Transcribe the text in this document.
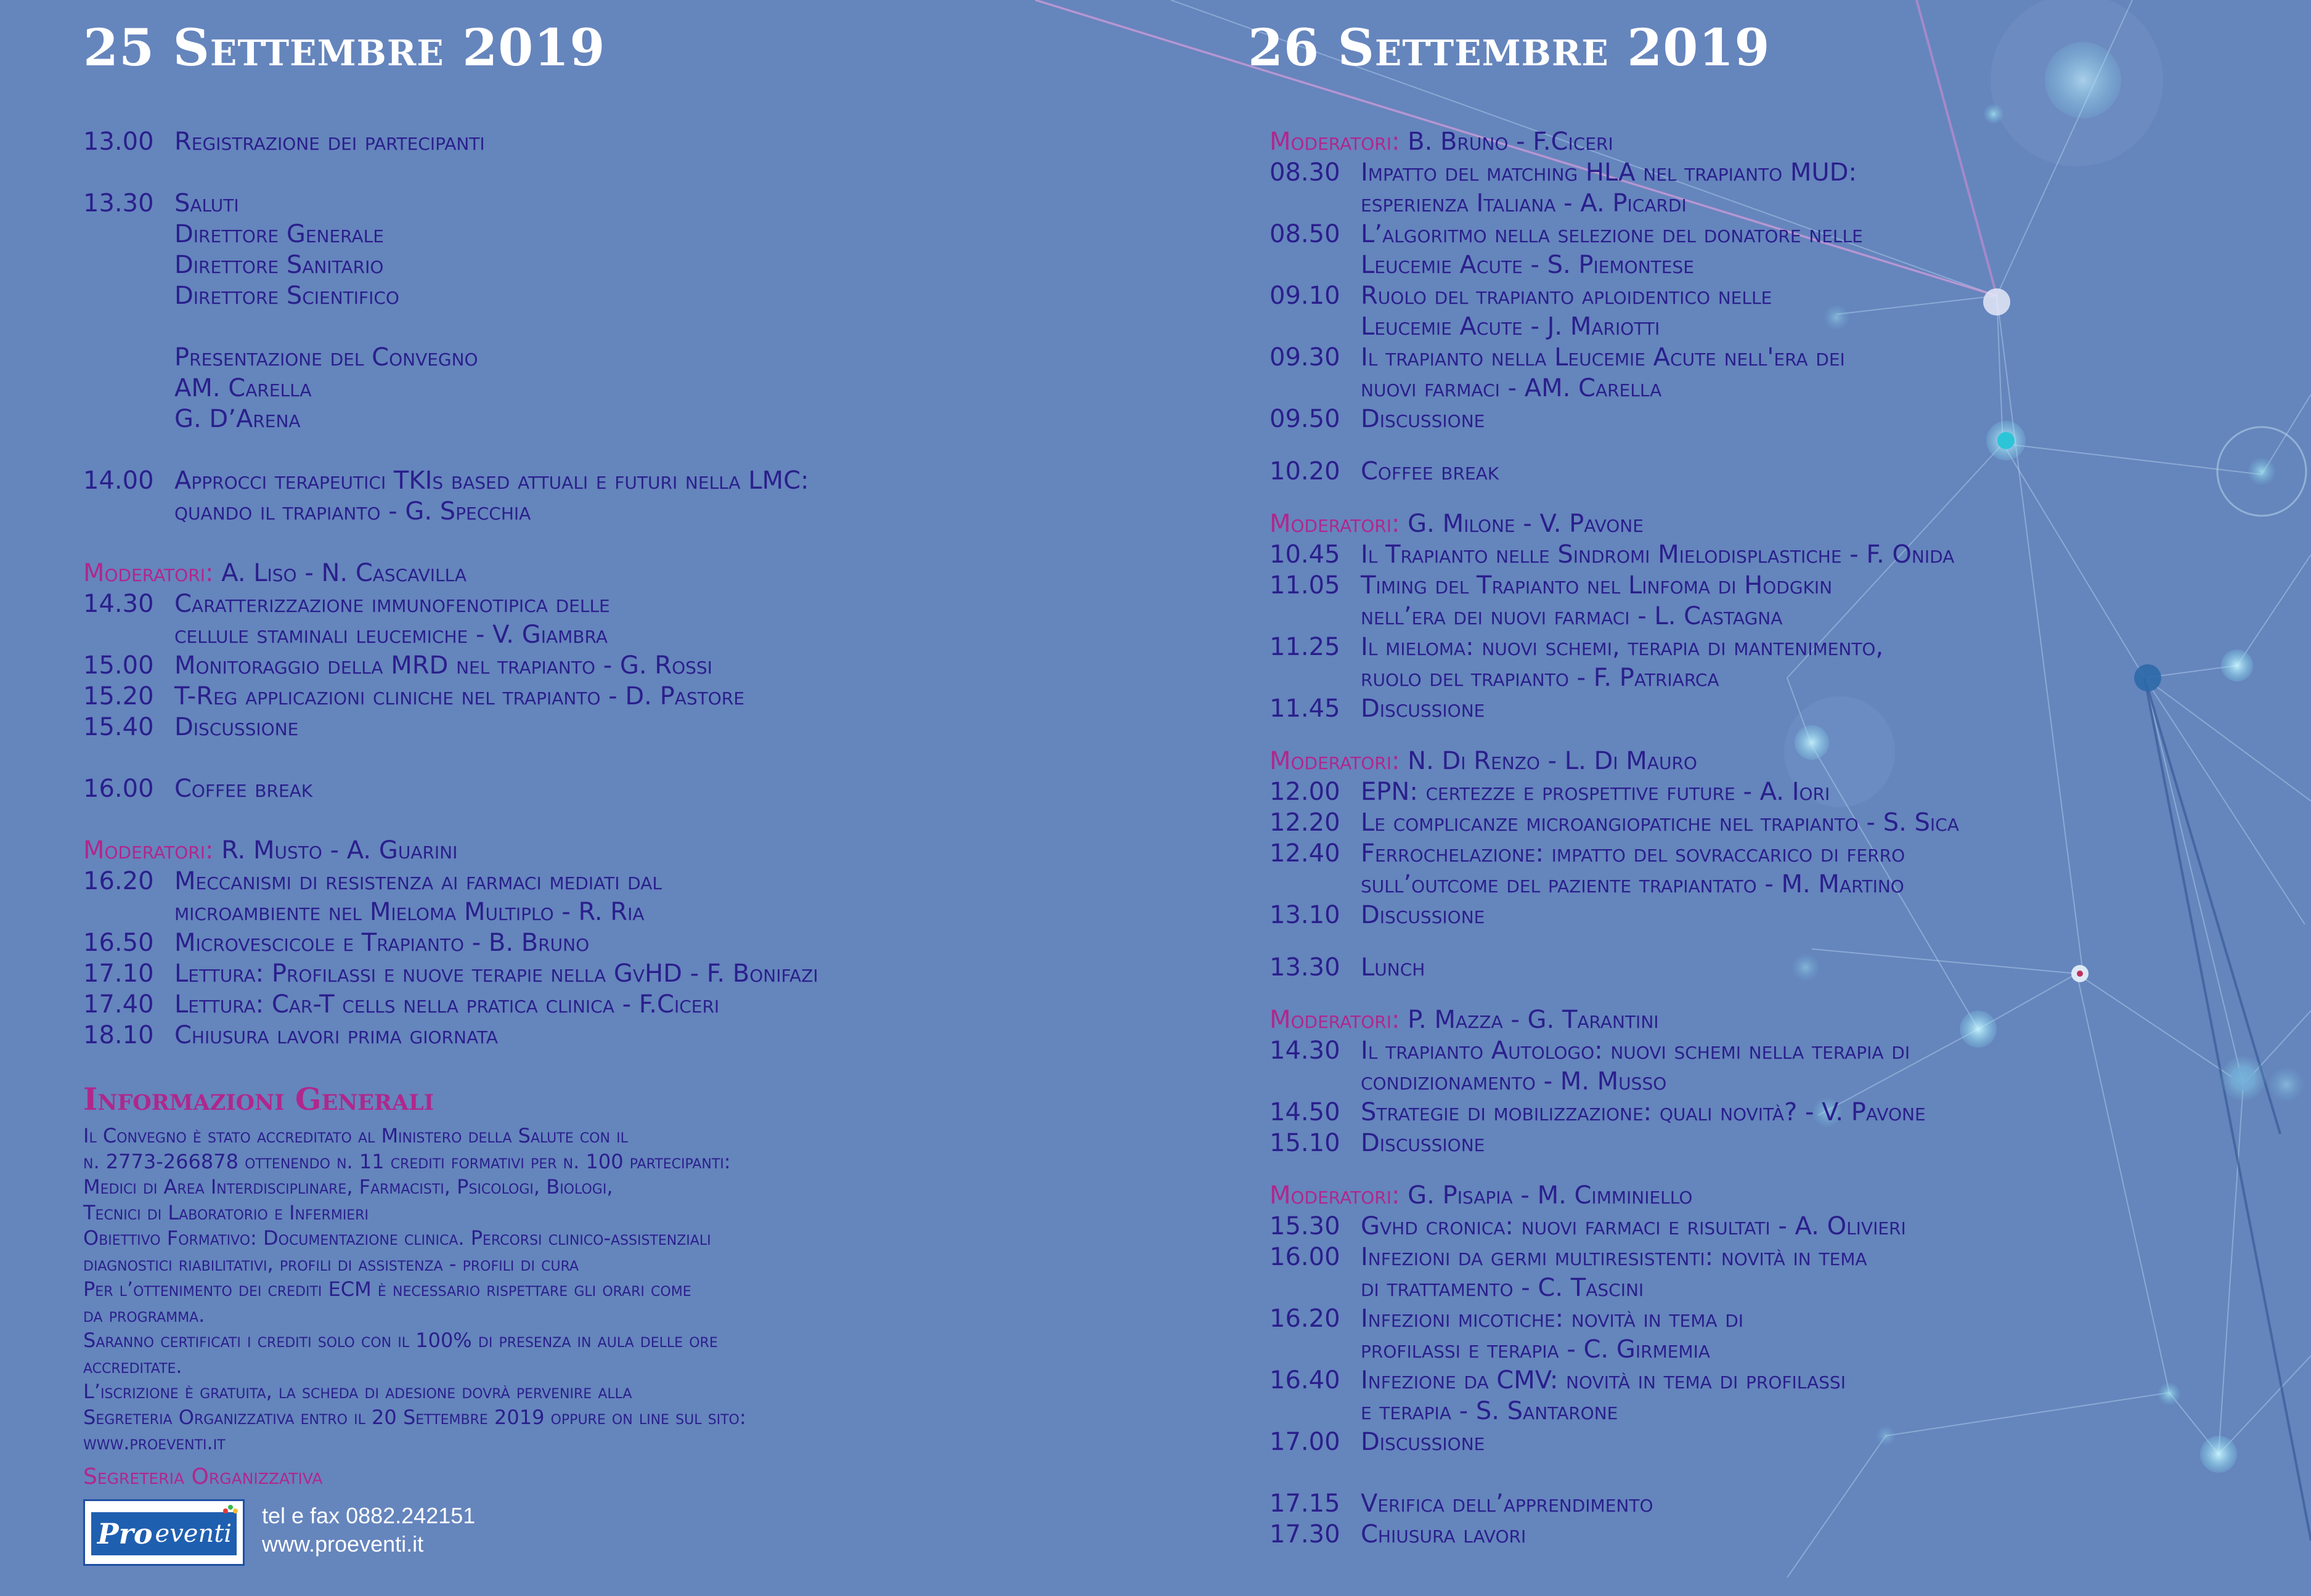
25 Settembre 2019
13.00 Registrazione dei partecipanti
13.30 Saluti
Direttore Generale
Direttore Sanitario
Direttore Scientifico
Presentazione del Convegno
AM. Carella
G. D’Arena
14.00 Approcci terapeutici TKIs based attuali e futuri nella LMC:
quando il trapianto - G. Specchia
Moderatori: A. Liso - N. Cascavilla
14.30 Caratterizzazione immunofenotipica delle
cellule staminali leucemiche - V. Giambra
15.00 Monitoraggio della MRD nel trapianto - G. Rossi
15.20 T-Reg applicazioni cliniche nel trapianto - D. Pastore
15.40 Discussione
16.00 Coffee break
Moderatori: R. Musto - A. Guarini
16.20 Meccanismi di resistenza ai farmaci mediati dal
microambiente nel Mieloma Multiplo - R. Ria
16.50 Microvescicole e Trapianto - B. Bruno
17.10 Lettura: Profilassi e nuove terapie nella GvHD - F. Bonifazi
17.40 Lettura: Car-T cells nella pratica clinica - F.Ciceri
18.10 Chiusura lavori prima giornata
Informazioni Generali
Il Convegno è stato accreditato al Ministero della Salute con il
n. 2773-266878 ottenendo n. 11 crediti formativi per n. 100 partecipanti:
Medici di Area Interdisciplinare, Farmacisti, Psicologi, Biologi,
Tecnici di Laboratorio e Infermieri
Obiettivo Formativo: Documentazione clinica. Percorsi clinico-assistenziali
diagnostici riabilitativi, profili di assistenza - profili di cura
Per l’ottenimento dei crediti ECM è necessario rispettare gli orari come
da programma.
Saranno certificati i crediti solo con il 100% di presenza in aula delle ore
accreditate.
L’iscrizione è gratuita, la scheda di adesione dovrà pervenire alla
Segreteria Organizzativa entro il 20 Settembre 2019 oppure on line sul sito:
www.proeventi.it
Segreteria Organizzativa
Pro eventi
tel e fax 0882.242151
www.proeventi.it
26 Settembre 2019
Moderatori: B. Bruno - F.Ciceri
08.30 Impatto del matching HLA nel trapianto MUD:
esperienza Italiana - A. Picardi
08.50 L’algoritmo nella selezione del donatore nelle
Leucemie Acute - S. Piemontese
09.10 Ruolo del trapianto aploidentico nelle
Leucemie Acute - J. Mariotti
09.30 Il trapianto nella Leucemie Acute nell'era dei
nuovi farmaci - AM. Carella
09.50 Discussione
10.20 Coffee break
Moderatori: G. Milone - V. Pavone
10.45 Il Trapianto nelle Sindromi Mielodisplastiche - F. Onida
11.05 Timing del Trapianto nel Linfoma di Hodgkin
nell’era dei nuovi farmaci - L. Castagna
11.25 Il mieloma: nuovi schemi, terapia di mantenimento,
ruolo del trapianto - F. Patriarca
11.45 Discussione
Moderatori: N. Di Renzo - L. Di Mauro
12.00 EPN: certezze e prospettive future - A. Iori
12.20 Le complicanze microangiopatiche nel trapianto - S. Sica
12.40 Ferrochelazione: impatto del sovraccarico di ferro
sull’outcome del paziente trapiantato - M. Martino
13.10 Discussione
13.30 Lunch
Moderatori: P. Mazza - G. Tarantini
14.30 Il trapianto Autologo: nuovi schemi nella terapia di
condizionamento - M. Musso
14.50 Strategie di mobilizzazione: quali novità? - V. Pavone
15.10 Discussione
Moderatori: G. Pisapia - M. Cimminiello
15.30 Gvhd cronica: nuovi farmaci e risultati - A. Olivieri
16.00 Infezioni da germi multiresistenti: novità in tema
di trattamento - C. Tascini
16.20 Infezioni micotiche: novità in tema di
profilassi e terapia - C. Girmemia
16.40 Infezione da CMV: novità in tema di profilassi
e terapia - S. Santarone
17.00 Discussione
17.15 Verifica dell’apprendimento
17.30 Chiusura lavori
